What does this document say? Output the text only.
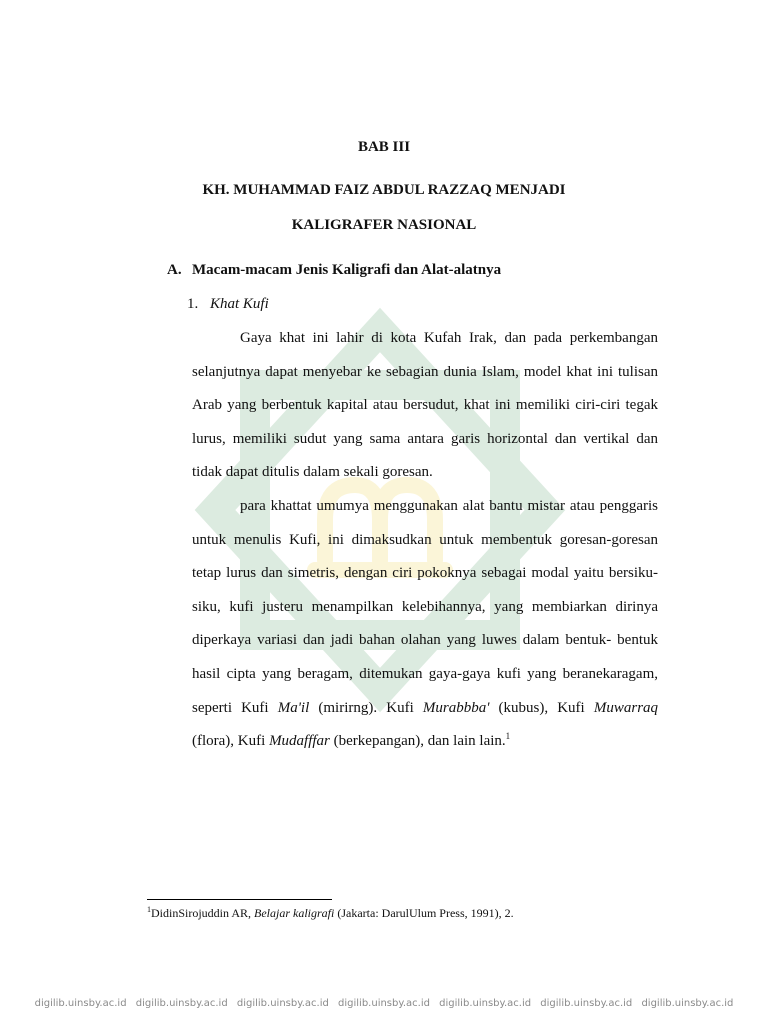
BAB III
KH. MUHAMMAD FAIZ ABDUL RAZZAQ MENJADI
KALIGRAFER NASIONAL
A. Macam-macam Jenis Kaligrafi dan Alat-alatnya
1. Khat Kufi
Gaya khat ini lahir di kota Kufah Irak, dan pada perkembangan selanjutnya dapat menyebar ke sebagian dunia Islam, model khat ini tulisan Arab yang berbentuk kapital atau bersudut, khat ini memiliki ciri-ciri tegak lurus, memiliki sudut yang sama antara garis horizontal dan vertikal dan tidak dapat ditulis dalam sekali goresan.
para khattat umumya menggunakan alat bantu mistar atau penggaris untuk menulis Kufi, ini dimaksudkan untuk membentuk goresan-goresan tetap lurus dan simetris, dengan ciri pokoknya sebagai modal yaitu bersiku- siku, kufi justeru menampilkan kelebihannya, yang membiarkan dirinya diperkaya variasi dan jadi bahan olahan yang luwes dalam bentuk- bentuk hasil cipta yang beragam, ditemukan gaya-gaya kufi yang beranekaragam, seperti Kufi Ma'il (mirirng). Kufi Murabbba' (kubus), Kufi Muwarraq (flora), Kufi Mudafffar (berkepangan), dan lain lain.$^1$
$^1$DidinSirojuddin AR, Belajar kaligrafi (Jakarta: DarulUlum Press, 1991), 2.
digilib.uinsby.ac.id digilib.uinsby.ac.id digilib.uinsby.ac.id digilib.uinsby.ac.id digilib.uinsby.ac.id digilib.uinsby.ac.id digilib.uinsby.ac.id
